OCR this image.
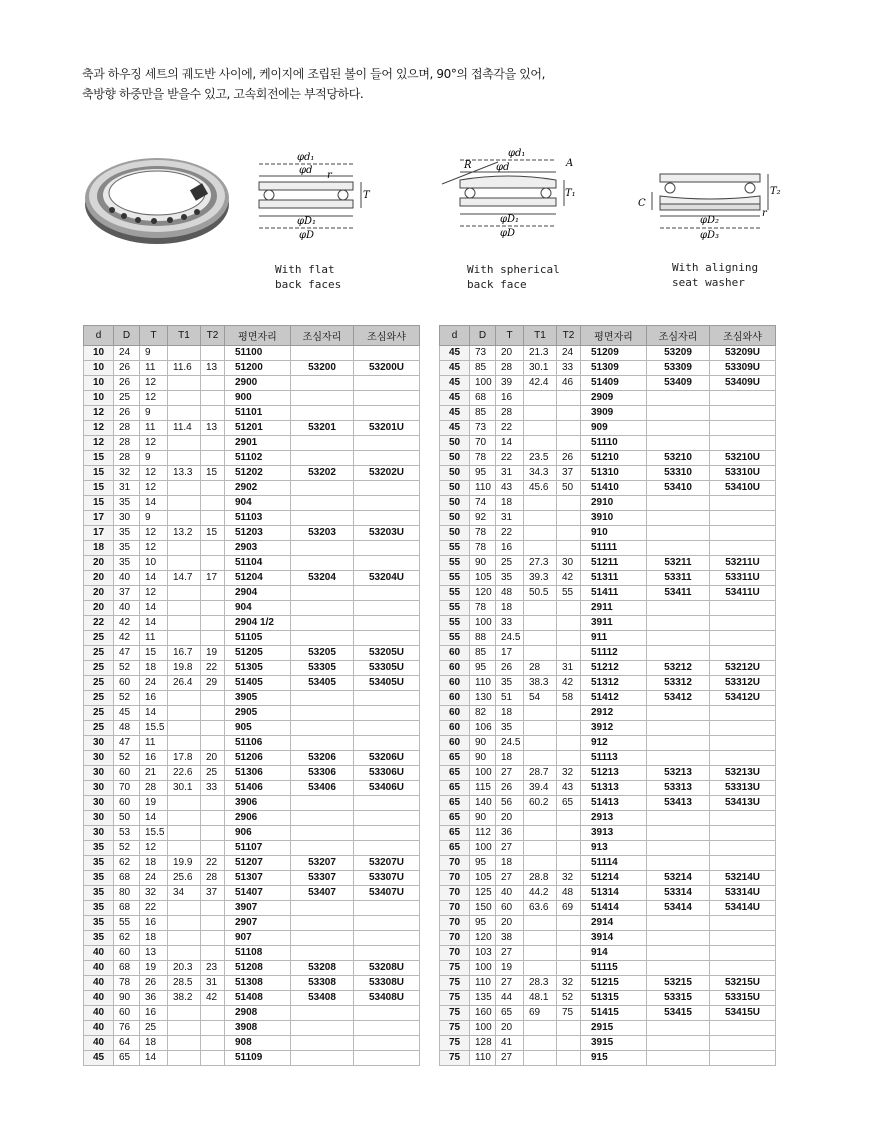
축과 하우징 세트의 궤도반 사이에, 케이지에 조립된 볼이 들어 있으며, 90°의 접촉각을 있어,
축방향 하중만을 받을수 있고, 고속회전에는 부적당하다.
φd₁
φd r
T
φD₁
φD
With flat
back faces
R
φd₁
φd	A
T₁
φD₁
φD
With spherical
back face
C
T₂
r
φD₂
φD₃
With aligning
seat washer
d	D	T	T1	T2	평면자리	조심자리	조심와샤
10	24	9			51100		
10	26	11	11.6	13	51200	53200	53200U
10	26	12			2900		
10	25	12			900		
12	26	9			51101		
12	28	11	11.4	13	51201	53201	53201U
12	28	12			2901		
15	28	9			51102		
15	32	12	13.3	15	51202	53202	53202U
15	31	12			2902		
15	35	14			904		
17	30	9			51103		
17	35	12	13.2	15	51203	53203	53203U
18	35	12			2903		
20	35	10			51104		
20	40	14	14.7	17	51204	53204	53204U
20	37	12			2904		
20	40	14			904		
22	42	14			2904 1/2		
25	42	11			51105		
25	47	15	16.7	19	51205	53205	53205U
25	52	18	19.8	22	51305	53305	53305U
25	60	24	26.4	29	51405	53405	53405U
25	52	16			3905		
25	45	14			2905		
25	48	15.5			905		
30	47	11			51106		
30	52	16	17.8	20	51206	53206	53206U
30	60	21	22.6	25	51306	53306	53306U
30	70	28	30.1	33	51406	53406	53406U
30	60	19			3906		
30	50	14			2906		
30	53	15.5			906		
35	52	12			51107		
35	62	18	19.9	22	51207	53207	53207U
35	68	24	25.6	28	51307	53307	53307U
35	80	32	34	37	51407	53407	53407U
35	68	22			3907		
35	55	16			2907		
35	62	18			907		
40	60	13			51108		
40	68	19	20.3	23	51208	53208	53208U
40	78	26	28.5	31	51308	53308	53308U
40	90	36	38.2	42	51408	53408	53408U
40	60	16			2908		
40	76	25			3908		
40	64	18			908		
45	65	14			51109		
d	D	T	T1	T2	평면자리	조심자리	조심와샤
45	73	20	21.3	24	51209	53209	53209U
45	85	28	30.1	33	51309	53309	53309U
45	100	39	42.4	46	51409	53409	53409U
45	68	16			2909		
45	85	28			3909		
45	73	22			909		
50	70	14			51110		
50	78	22	23.5	26	51210	53210	53210U
50	95	31	34.3	37	51310	53310	53310U
50	110	43	45.6	50	51410	53410	53410U
50	74	18			2910		
50	92	31			3910		
50	78	22			910		
55	78	16			51111		
55	90	25	27.3	30	51211	53211	53211U
55	105	35	39.3	42	51311	53311	53311U
55	120	48	50.5	55	51411	53411	53411U
55	78	18			2911		
55	100	33			3911		
55	88	24.5			911		
60	85	17			51112		
60	95	26	28	31	51212	53212	53212U
60	110	35	38.3	42	51312	53312	53312U
60	130	51	54	58	51412	53412	53412U
60	82	18			2912		
60	106	35			3912		
60	90	24.5			912		
65	90	18			51113		
65	100	27	28.7	32	51213	53213	53213U
65	115	26	39.4	43	51313	53313	53313U
65	140	56	60.2	65	51413	53413	53413U
65	90	20			2913		
65	112	36			3913		
65	100	27			913		
70	95	18			51114		
70	105	27	28.8	32	51214	53214	53214U
70	125	40	44.2	48	51314	53314	53314U
70	150	60	63.6	69	51414	53414	53414U
70	95	20			2914		
70	120	38			3914		
70	103	27			914		
75	100	19			51115		
75	110	27	28.3	32	51215	53215	53215U
75	135	44	48.1	52	51315	53315	53315U
75	160	65	69	75	51415	53415	53415U
75	100	20			2915		
75	128	41			3915		
75	110	27			915		
